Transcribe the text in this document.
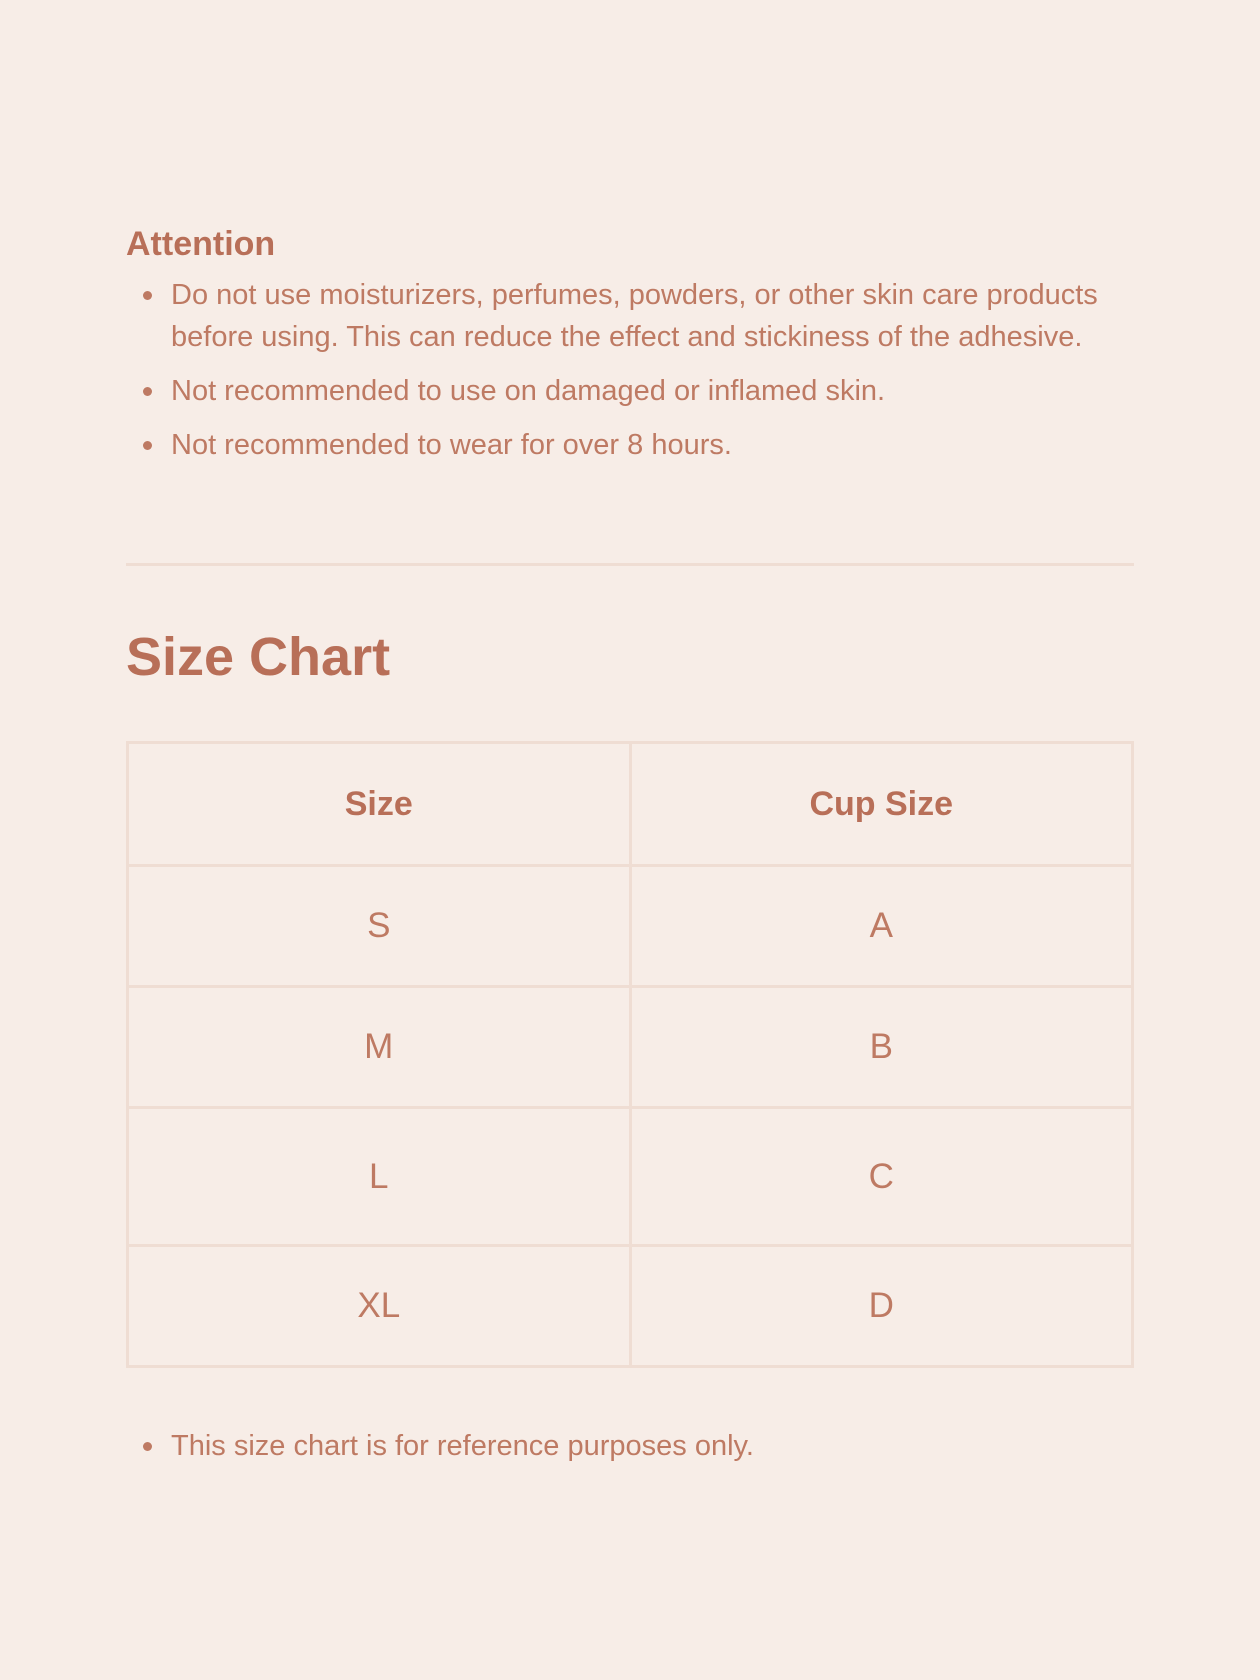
Attention
Do not use moisturizers, perfumes, powders, or other skin care products before using. This can reduce the effect and stickiness of the adhesive.
Not recommended to use on damaged or inflamed skin.
Not recommended to wear for over 8 hours.
Size Chart
Size	Cup Size
S	A
M	B
L	C
XL	D
This size chart is for reference purposes only.
